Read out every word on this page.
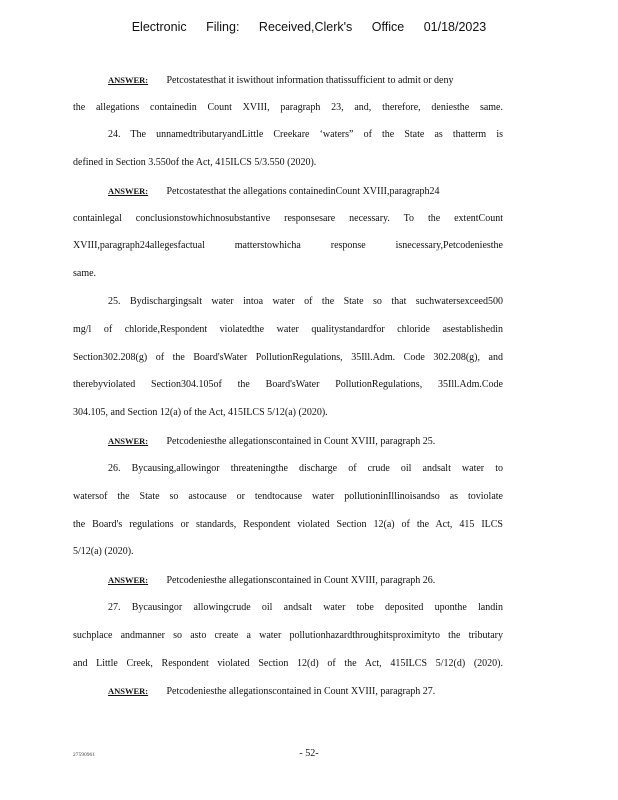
Electronic Filing: Received,Clerk's Office 01/18/2023
ANSWER: Petcostatesthat it iswithout information thatissufficient to admit or deny
the allegations containedin Count XVIII, paragraph 23, and, therefore, deniesthe same.
24. The unnamedtributaryandLittle Creekare ‘waters” of the State as thatterm is
defined in Section 3.550of the Act, 415ILCS 5/3.550 (2020).
ANSWER: Petcostatesthat the allegations containedinCount XVIII,paragraph24
containlegal conclusionstowhichnosubstantive responsesare necessary. To the extentCount
XVIII,paragraph24allegesfactual matterstowhicha response isnecessary,Petcodeniesthe
same.
25. Bydischargingsalt water intoa water of the State so that suchwatersexceed500
mg/l of chloride,Respondent violatedthe water qualitystandardfor chloride asestablishedin
Section302.208(g) of the Board'sWater PollutionRegulations, 35Ill.Adm. Code 302.208(g), and
therebyviolated Section304.105of the Board'sWater PollutionRegulations, 35Ill.Adm.Code
304.105, and Section 12(a) of the Act, 415ILCS 5/12(a) (2020).
ANSWER: Petcodeniesthe allegationscontained in Count XVIII, paragraph 25.
26. Bycausing,allowingor threateningthe discharge of crude oil andsalt water to
watersof the State so astocause or tendtocause water pollutioninIllinoisandso as toviolate
the Board's regulations or standards, Respondent violated Section 12(a) of the Act, 415 ILCS
5/12(a) (2020).
ANSWER: Petcodeniesthe allegationscontained in Count XVIII, paragraph 26.
27. Bycausingor allowingcrude oil andsalt water tobe deposited uponthe landin
suchplace andmanner so asto create a water pollutionhazardthroughitsproximityto the tributary
and Little Creek, Respondent violated Section 12(d) of the Act, 415ILCS 5/12(d) (2020).
ANSWER: Petcodeniesthe allegationscontained in Count XVIII, paragraph 27.
27590961	- 52-
